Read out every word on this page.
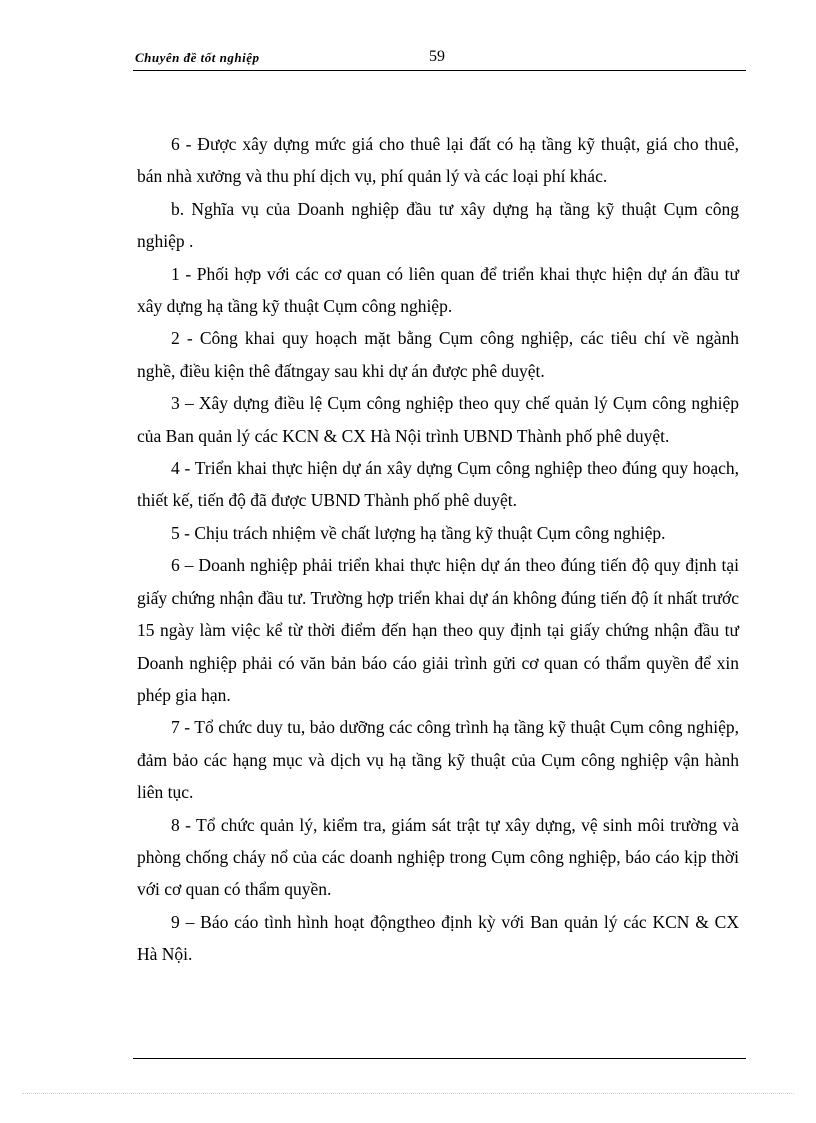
Chuyên đề tốt nghiệp	59

6 - Được xây dựng mức giá cho thuê lại đất có hạ tầng kỹ thuật, giá cho thuê, bán nhà xưởng và thu phí dịch vụ, phí quản lý và các loại phí khác.

b. Nghĩa vụ của Doanh nghiệp đầu tư xây dựng hạ tầng kỹ thuật Cụm công nghiệp .

1 - Phối hợp với các cơ quan có liên quan để triển khai thực hiện dự án đầu tư xây dựng hạ tầng kỹ thuật Cụm công nghiệp.

2 - Công khai quy hoạch mặt bằng Cụm công nghiệp, các tiêu chí về ngành nghề, điều kiện thê đấtngay sau khi dự án được phê duyệt.

3 – Xây dựng điều lệ Cụm công nghiệp theo quy chế quản lý Cụm công nghiệp của Ban quản lý các KCN & CX Hà Nội trình UBND Thành phố phê duyệt.

4 - Triển khai thực hiện dự án xây dựng Cụm công nghiệp theo đúng quy hoạch, thiết kế, tiến độ đã được UBND Thành phố phê duyệt.

5 - Chịu trách nhiệm về chất lượng hạ tầng kỹ thuật Cụm công nghiệp.

6 – Doanh nghiệp phải triển khai thực hiện dự án theo đúng tiến độ quy định tại giấy chứng nhận đầu tư. Trường hợp triển khai dự án không đúng tiến độ ít nhất trước 15 ngày làm việc kể từ thời điểm đến hạn theo quy định tại giấy chứng nhận đầu tư Doanh nghiệp phải có văn bản báo cáo giải trình gửi cơ quan có thẩm quyền để xin phép gia hạn.

7 - Tổ chức duy tu, bảo dưỡng các công trình hạ tầng kỹ thuật Cụm công nghiệp, đảm bảo các hạng mục và dịch vụ hạ tầng kỹ thuật của Cụm công nghiệp vận hành liên tục.

8 - Tổ chức quản lý, kiểm tra, giám sát trật tự xây dựng, vệ sinh môi trường và phòng chống cháy nổ của các doanh nghiệp trong Cụm công nghiệp, báo cáo kịp thời với cơ quan có thẩm quyền.

9 – Báo cáo tình hình hoạt độngtheo định kỳ với Ban quản lý các KCN & CX Hà Nội.
